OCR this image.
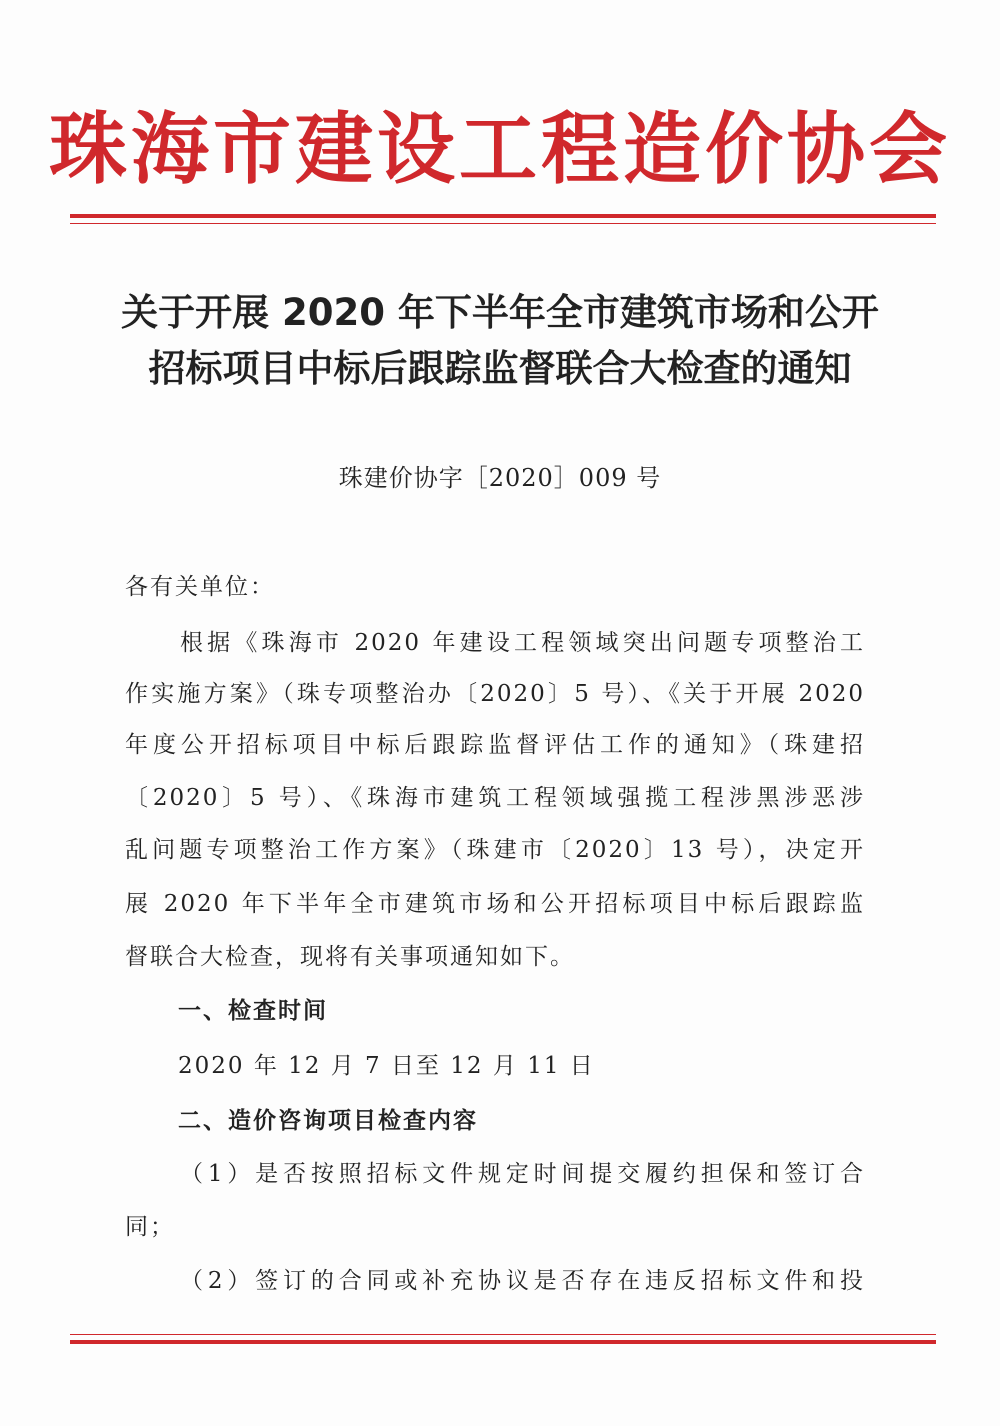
珠海市建设工程造价协会
关于开展 2020 年下半年全市建筑市场和公开
招标项目中标后跟踪监督联合大检查的通知
珠建价协字［2020］009 号
各有关单位：
根据《珠海市 2020 年建设工程领域突出问题专项整治工
作实施方案》（珠专项整治办〔2020〕5 号）、《关于开展 2020
年度公开招标项目中标后跟踪监督评估工作的通知》（珠建招
〔2020〕5 号）、《珠海市建筑工程领域强揽工程涉黑涉恶涉
乱问题专项整治工作方案》（珠建市〔2020〕13 号），决定开
展 2020 年下半年全市建筑市场和公开招标项目中标后跟踪监
督联合大检查，现将有关事项通知如下。
一、检查时间
2020 年 12 月 7 日至 12 月 11 日
二、造价咨询项目检查内容
（1）是否按照招标文件规定时间提交履约担保和签订合
同；
（2）签订的合同或补充协议是否存在违反招标文件和投
